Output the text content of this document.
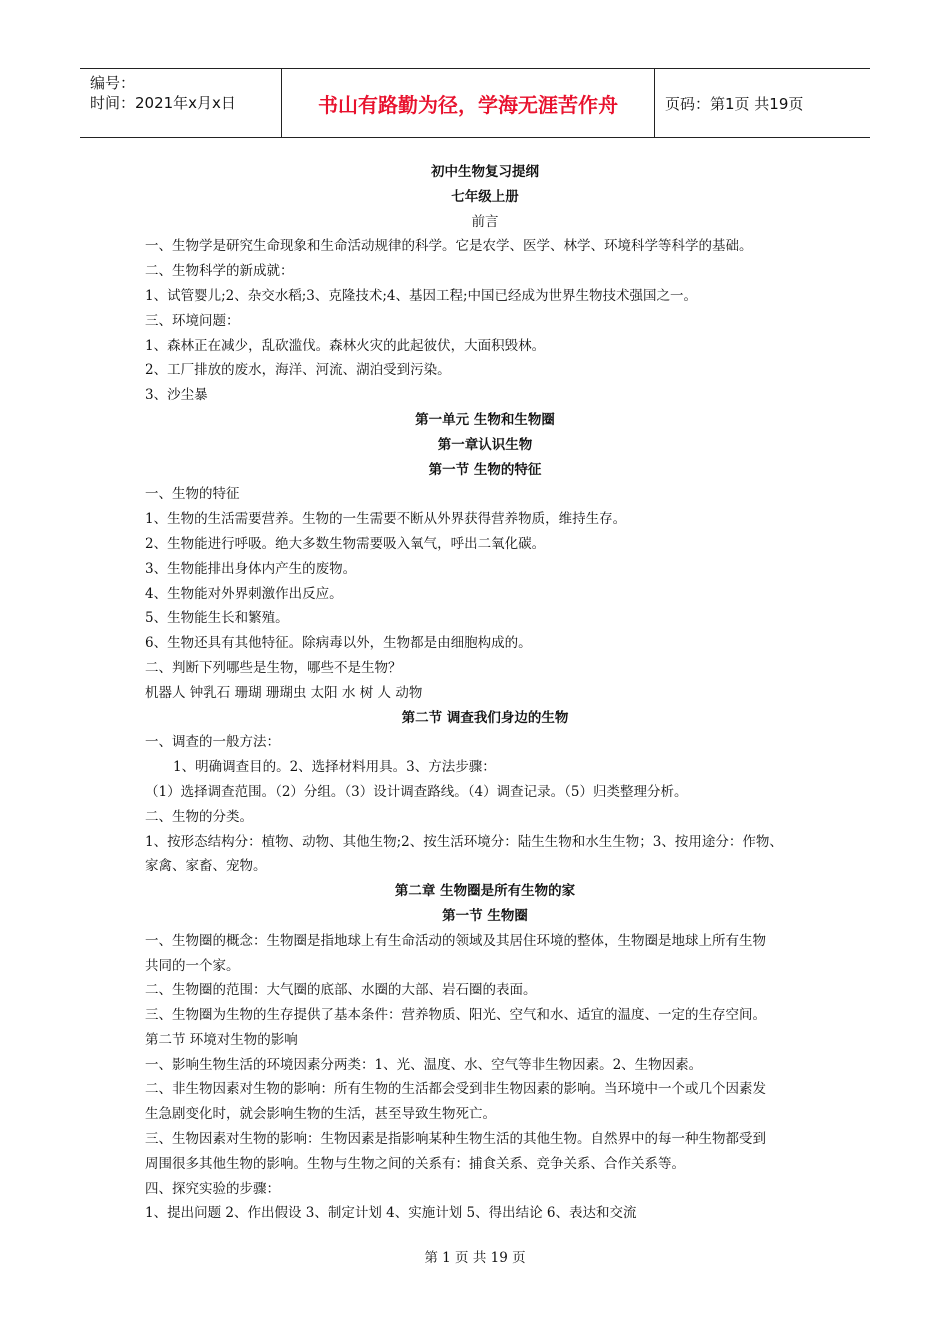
编号：
时间：2021年x月x日	书山有路勤为径，学海无涯苦作舟	页码：第1页 共19页
初中生物复习提纲
七年级上册
前言
一、生物学是研究生命现象和生命活动规律的科学。它是农学、医学、林学、环境科学等科学的基础。
二、生物科学的新成就：
1、试管婴儿;2、杂交水稻;3、克隆技术;4、基因工程;中国已经成为世界生物技术强国之一。
三、环境问题：
1、森林正在减少，乱砍滥伐。森林火灾的此起彼伏，大面积毁林。
2、工厂排放的废水，海洋、河流、湖泊受到污染。
3、沙尘暴
第一单元 生物和生物圈
第一章认识生物
第一节 生物的特征
一、生物的特征
1、生物的生活需要营养。生物的一生需要不断从外界获得营养物质，维持生存。
2、生物能进行呼吸。绝大多数生物需要吸入氧气，呼出二氧化碳。
3、生物能排出身体内产生的废物。
4、生物能对外界刺激作出反应。
5、生物能生长和繁殖。
6、生物还具有其他特征。除病毒以外，生物都是由细胞构成的。
二、判断下列哪些是生物，哪些不是生物？
机器人 钟乳石 珊瑚 珊瑚虫 太阳 水 树 人 动物
第二节 调查我们身边的生物
一、调查的一般方法：
1、明确调查目的。2、选择材料用具。3、方法步骤：
（1）选择调查范围。（2）分组。（3）设计调查路线。（4）调查记录。（5）归类整理分析。
二、生物的分类。
1、按形态结构分：植物、动物、其他生物;2、按生活环境分：陆生生物和水生生物；3、按用途分：作物、
家禽、家畜、宠物。
第二章 生物圈是所有生物的家
第一节 生物圈
一、生物圈的概念：生物圈是指地球上有生命活动的领域及其居住环境的整体，生物圈是地球上所有生物
共同的一个家。
二、生物圈的范围：大气圈的底部、水圈的大部、岩石圈的表面。
三、生物圈为生物的生存提供了基本条件：营养物质、阳光、空气和水、适宜的温度、一定的生存空间。
第二节 环境对生物的影响
一、影响生物生活的环境因素分两类：1、光、温度、水、空气等非生物因素。2、生物因素。
二、非生物因素对生物的影响：所有生物的生活都会受到非生物因素的影响。当环境中一个或几个因素发
生急剧变化时，就会影响生物的生活，甚至导致生物死亡。
三、生物因素对生物的影响：生物因素是指影响某种生物生活的其他生物。自然界中的每一种生物都受到
周围很多其他生物的影响。生物与生物之间的关系有：捕食关系、竞争关系、合作关系等。
四、探究实验的步骤：
1、提出问题 2、作出假设 3、制定计划 4、实施计划 5、得出结论 6、表达和交流
第 1 页 共 19 页
